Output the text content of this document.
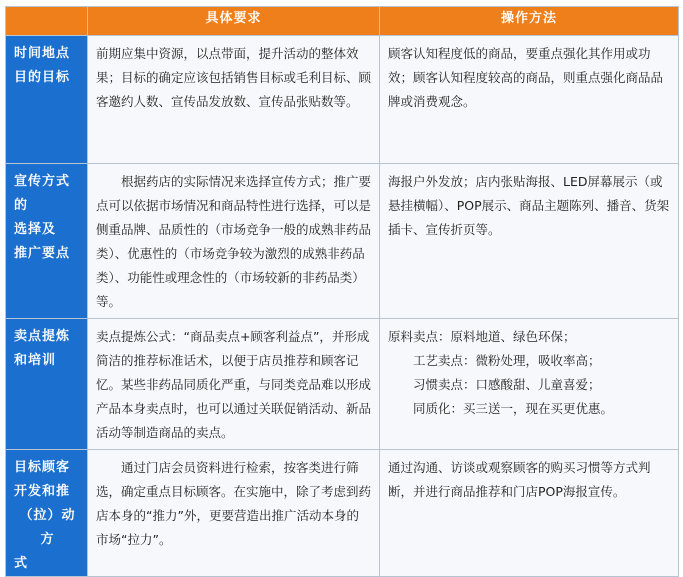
	具体要求	操作方法

时间地点
目的目标	前期应集中资源，以点带面，提升活动的整体效果；目标的确定应该包括销售目标或毛利目标、顾客邀约人数、宣传品发放数、宣传品张贴数等。	顾客认知程度低的商品，要重点强化其作用或功效；顾客认知程度较高的商品，则重点强化商品品牌或消费观念。

宣传方式的
选择及
推广要点	根据药店的实际情况来选择宣传方式；推广要点可以依据市场情况和商品特性进行选择，可以是侧重品牌、品质性的（市场竞争一般的成熟非药品类）、优惠性的（市场竞争较为激烈的成熟非药品类）、功能性或理念性的（市场较新的非药品类）等。	海报户外发放；店内张贴海报、LED屏幕展示（或悬挂横幅）、POP展示、商品主题陈列、播音、货架插卡、宣传折页等。

卖点提炼
和培训	卖点提炼公式：“商品卖点+顾客利益点”，并形成简洁的推荐标准话术，以便于店员推荐和顾客记忆。某些非药品同质化严重，与同类竞品难以形成产品本身卖点时，也可以通过关联促销活动、新品活动等制造商品的卖点。	原料卖点：原料地道、绿色环保；
工艺卖点：微粉处理，吸收率高；
习惯卖点：口感酸甜、儿童喜爱；
同质化：买三送一，现在买更优惠。

目标顾客
开发和推
（拉）动方
式	通过门店会员资料进行检索，按客类进行筛选，确定重点目标顾客。在实施中，除了考虑到药店本身的“推力”外，更要营造出推广活动本身的市场“拉力”。	通过沟通、访谈或观察顾客的购买习惯等方式判断，并进行商品推荐和门店POP海报宣传。
